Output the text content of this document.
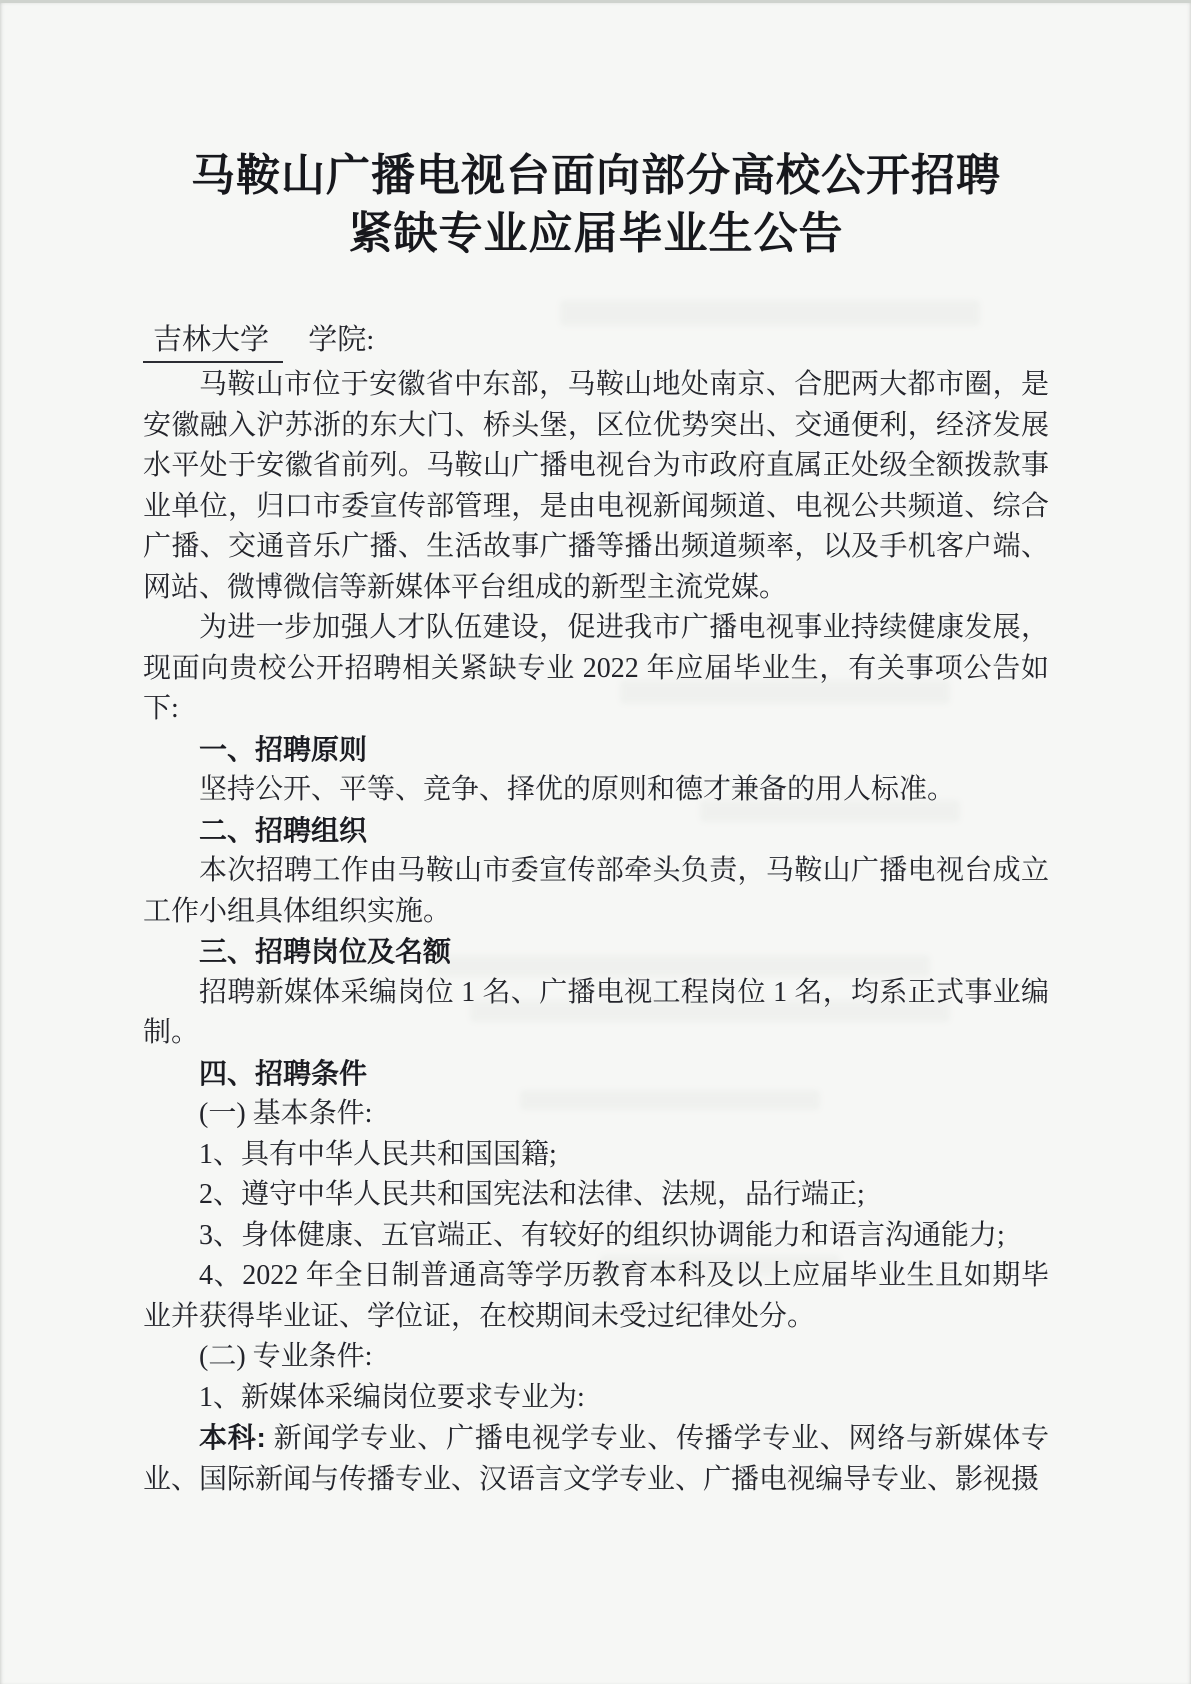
马鞍山广播电视台面向部分高校公开招聘
紧缺专业应届毕业生公告
吉林大学 学院:

马鞍山市位于安徽省中东部，马鞍山地处南京、合肥两大都市圈，是安徽融入沪苏浙的东大门、桥头堡，区位优势突出、交通便利，经济发展水平处于安徽省前列。马鞍山广播电视台为市政府直属正处级全额拨款事业单位，归口市委宣传部管理，是由电视新闻频道、电视公共频道、综合广播、交通音乐广播、生活故事广播等播出频道频率，以及手机客户端、网站、微博微信等新媒体平台组成的新型主流党媒。

为进一步加强人才队伍建设，促进我市广播电视事业持续健康发展，现面向贵校公开招聘相关紧缺专业 2022 年应届毕业生，有关事项公告如下:

一、招聘原则

坚持公开、平等、竞争、择优的原则和德才兼备的用人标准。

二、招聘组织

本次招聘工作由马鞍山市委宣传部牵头负责，马鞍山广播电视台成立工作小组具体组织实施。

三、招聘岗位及名额

招聘新媒体采编岗位 1 名、广播电视工程岗位 1 名，均系正式事业编制。

四、招聘条件

(一) 基本条件:

1、具有中华人民共和国国籍;

2、遵守中华人民共和国宪法和法律、法规，品行端正;

3、身体健康、五官端正、有较好的组织协调能力和语言沟通能力;

4、2022 年全日制普通高等学历教育本科及以上应届毕业生且如期毕业并获得毕业证、学位证，在校期间未受过纪律处分。

(二) 专业条件:

1、新媒体采编岗位要求专业为:

本科: 新闻学专业、广播电视学专业、传播学专业、网络与新媒体专业、国际新闻与传播专业、汉语言文学专业、广播电视编导专业、影视摄
